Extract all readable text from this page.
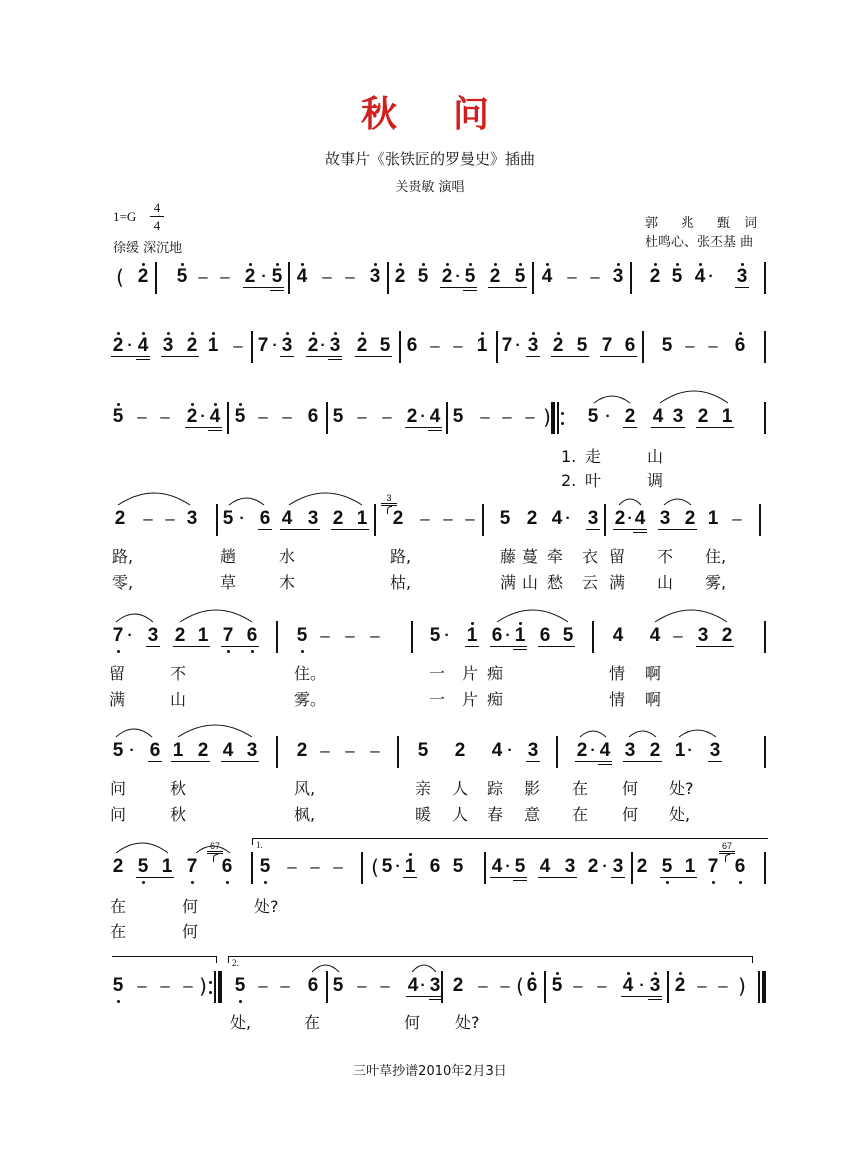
秋　问
故事片《张铁匠的罗曼史》插曲
关贵敏 演唱
1=G
4
4
徐缓 深沉地
郭　兆　甄 词
杜鸣心、张丕基 曲
( 2 5 – – 2 · 5 4 – – 3 2 5 2 · 5 2 5 4 – – 3 2 5 4 ·	3
2 · 4 3 2 1 – 7 · 3 2 · 3 2 5 6 – – 1 7 · 3 2 5 7 6 5 – – 6
5 – – 2 · 4 5 – – 6 5 – – 2 · 4 5 – – – )	5 · 2 4 3 2 1
1. 走	山
2. 叶	调
2	– – 3 5 · 6 4 3 2 1
3
2 – – – 5 2 4 · 3 2 · 4 3 2 1 –
路,	趟	水	路,	藤 蔓 牵 衣 留 不 住,
零,	草	木	枯,	满 山 愁 云 满 山 雾,
7 · 3 2 1 7 6 5 – – –	5 · 1 6 · 1 6 5 4 4 – 3 2
留	不	住。	一 片 痴	情 啊
满	山	雾。	一 片 痴	情 啊
5 · 6 1 2 4 3 2 – – – 5 2 4 · 3 2 · 4 3 2 1 · 3
问	秋	风,	亲 人 踪 影 在 何 处?
问	秋	枫,	暖 人 春 意 在 何 处,
2 5 1 7
67
6 5 – – –	( 5 · 1 6 5 4 · 5 4 3 2 · 3 2 5 1 7
67
6
1.
在	何	处?
在	何
5 – – – )	5 – – 6 5 – – 4 · 3 2 – – ( 6 5 – – 4 · 3 2 – – )
2.
处,	在	何 处?
三叶草抄谱2010年2月3日
